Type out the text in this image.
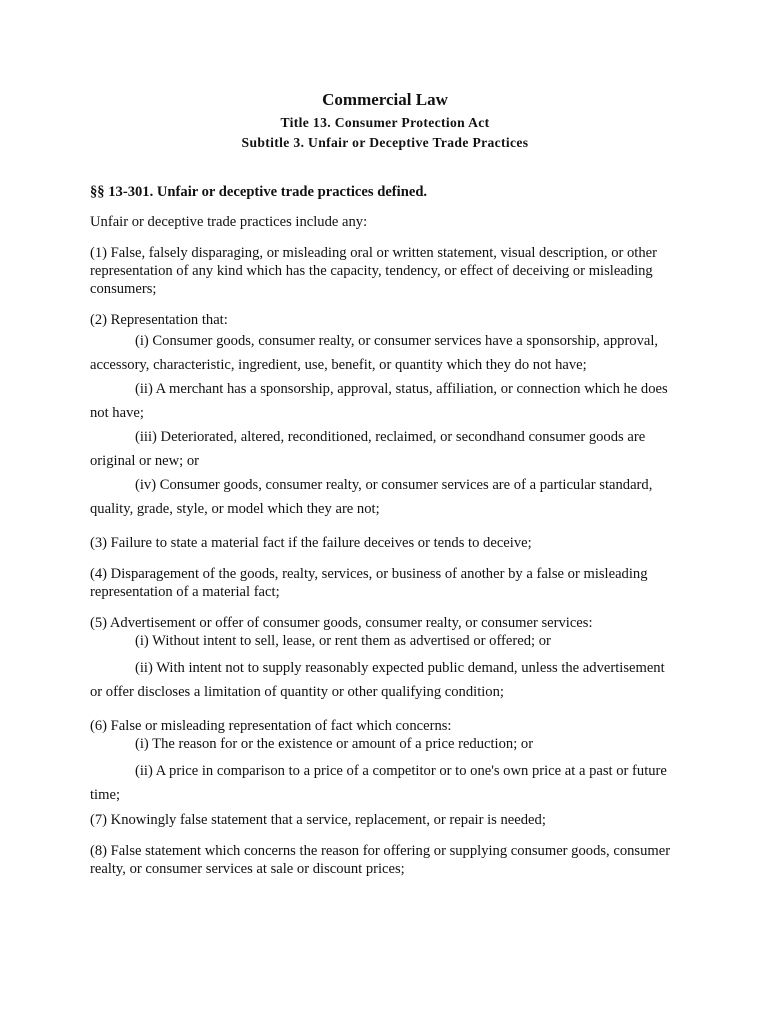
Commercial Law
Title 13. Consumer Protection Act
Subtitle 3. Unfair or Deceptive Trade Practices

§§ 13-301. Unfair or deceptive trade practices defined.

Unfair or deceptive trade practices include any:

(1) False, falsely disparaging, or misleading oral or written statement, visual description, or other representation of any kind which has the capacity, tendency, or effect of deceiving or misleading consumers;

(2) Representation that:

(i) Consumer goods, consumer realty, or consumer services have a sponsorship, approval, accessory, characteristic, ingredient, use, benefit, or quantity which they do not have;

(ii) A merchant has a sponsorship, approval, status, affiliation, or connection which he does not have;

(iii) Deteriorated, altered, reconditioned, reclaimed, or secondhand consumer goods are original or new; or

(iv) Consumer goods, consumer realty, or consumer services are of a particular standard, quality, grade, style, or model which they are not;

(3) Failure to state a material fact if the failure deceives or tends to deceive;

(4) Disparagement of the goods, realty, services, or business of another by a false or misleading representation of a material fact;

(5) Advertisement or offer of consumer goods, consumer realty, or consumer services:

(i) Without intent to sell, lease, or rent them as advertised or offered; or

(ii) With intent not to supply reasonably expected public demand, unless the advertisement or offer discloses a limitation of quantity or other qualifying condition;

(6) False or misleading representation of fact which concerns:

(i) The reason for or the existence or amount of a price reduction; or

(ii) A price in comparison to a price of a competitor or to one's own price at a past or future time;

(7) Knowingly false statement that a service, replacement, or repair is needed;

(8) False statement which concerns the reason for offering or supplying consumer goods, consumer realty, or consumer services at sale or discount prices;
